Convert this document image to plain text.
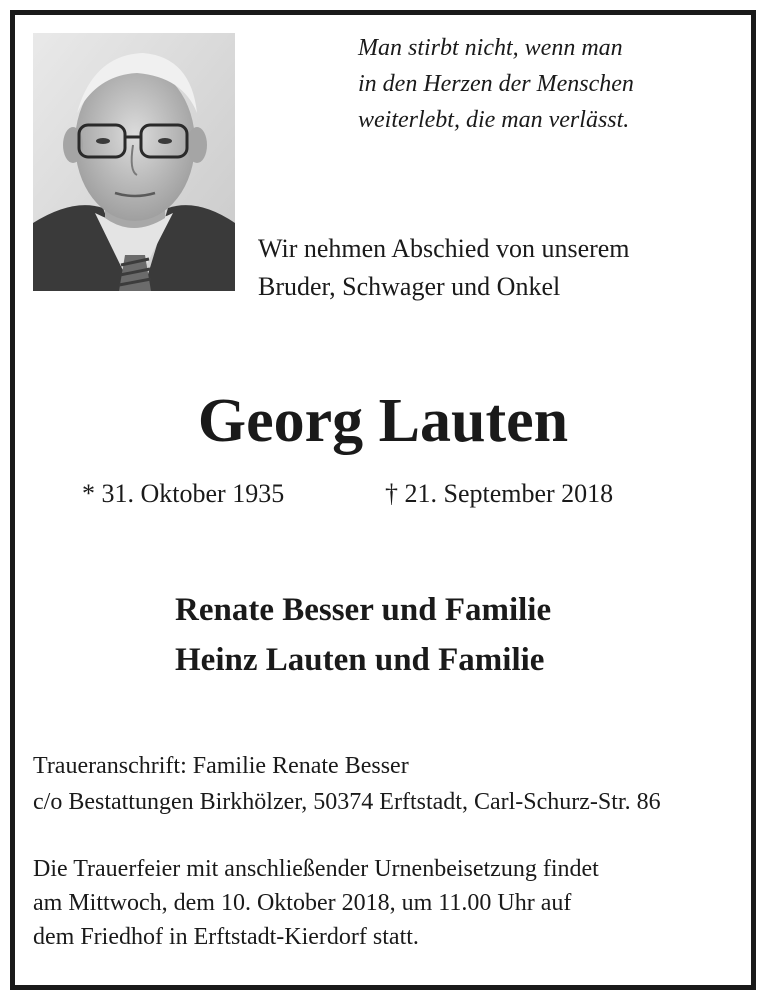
Man stirbt nicht, wenn man
in den Herzen der Menschen
weiterlebt, die man verlässt.
Wir nehmen Abschied von unserem
Bruder, Schwager und Onkel
Georg Lauten
* 31. Oktober 1935	† 21. September 2018
Renate Besser und Familie
Heinz Lauten und Familie
Traueranschrift: Familie Renate Besser
c/o Bestattungen Birkhölzer, 50374 Erftstadt, Carl-Schurz-Str. 86
Die Trauerfeier mit anschließender Urnenbeisetzung findet
am Mittwoch, dem 10. Oktober 2018, um 11.00 Uhr auf
dem Friedhof in Erftstadt-Kierdorf statt.
